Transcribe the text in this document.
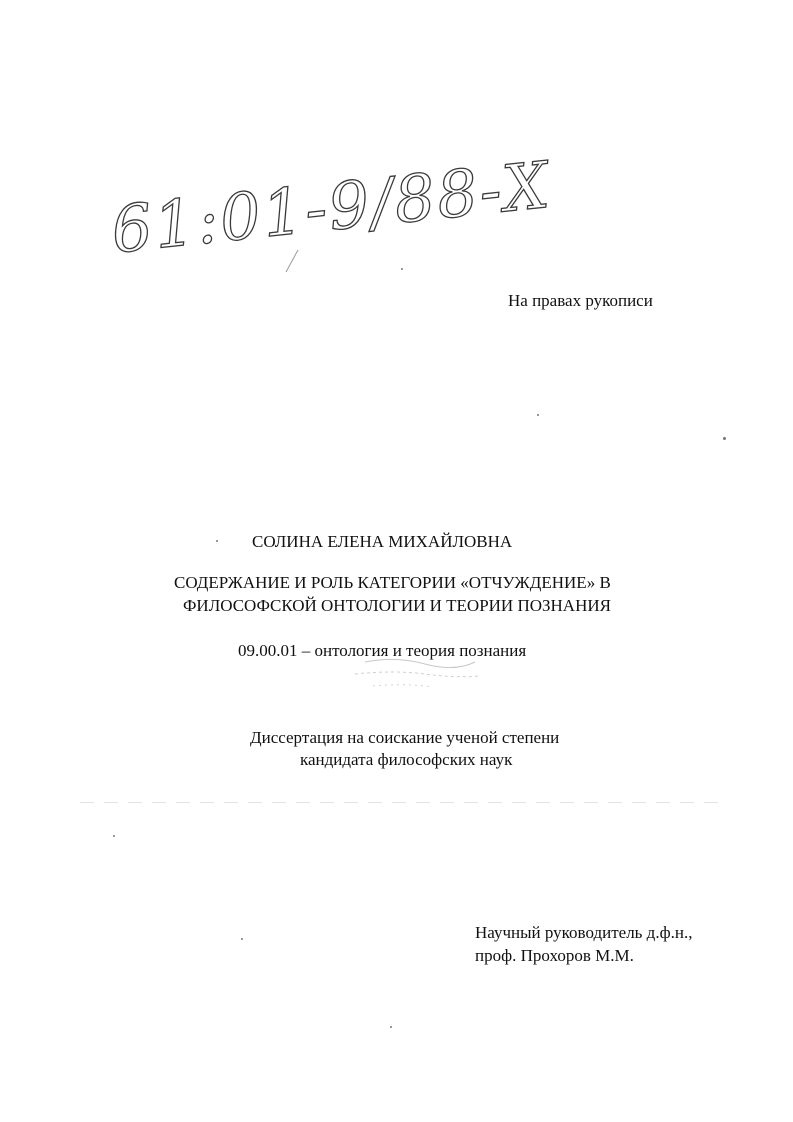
61:01-9/88-Х
На правах рукописи
СОЛИНА ЕЛЕНА МИХАЙЛОВНА
СОДЕРЖАНИЕ И РОЛЬ КАТЕГОРИИ «ОТЧУЖДЕНИЕ» В
ФИЛОСОФСКОЙ ОНТОЛОГИИ И ТЕОРИИ ПОЗНАНИЯ
09.00.01 – онтология и теория познания
Диссертация на соискание ученой степени
кандидата философских наук
Научный руководитель д.ф.н.,
проф. Прохоров М.М.
